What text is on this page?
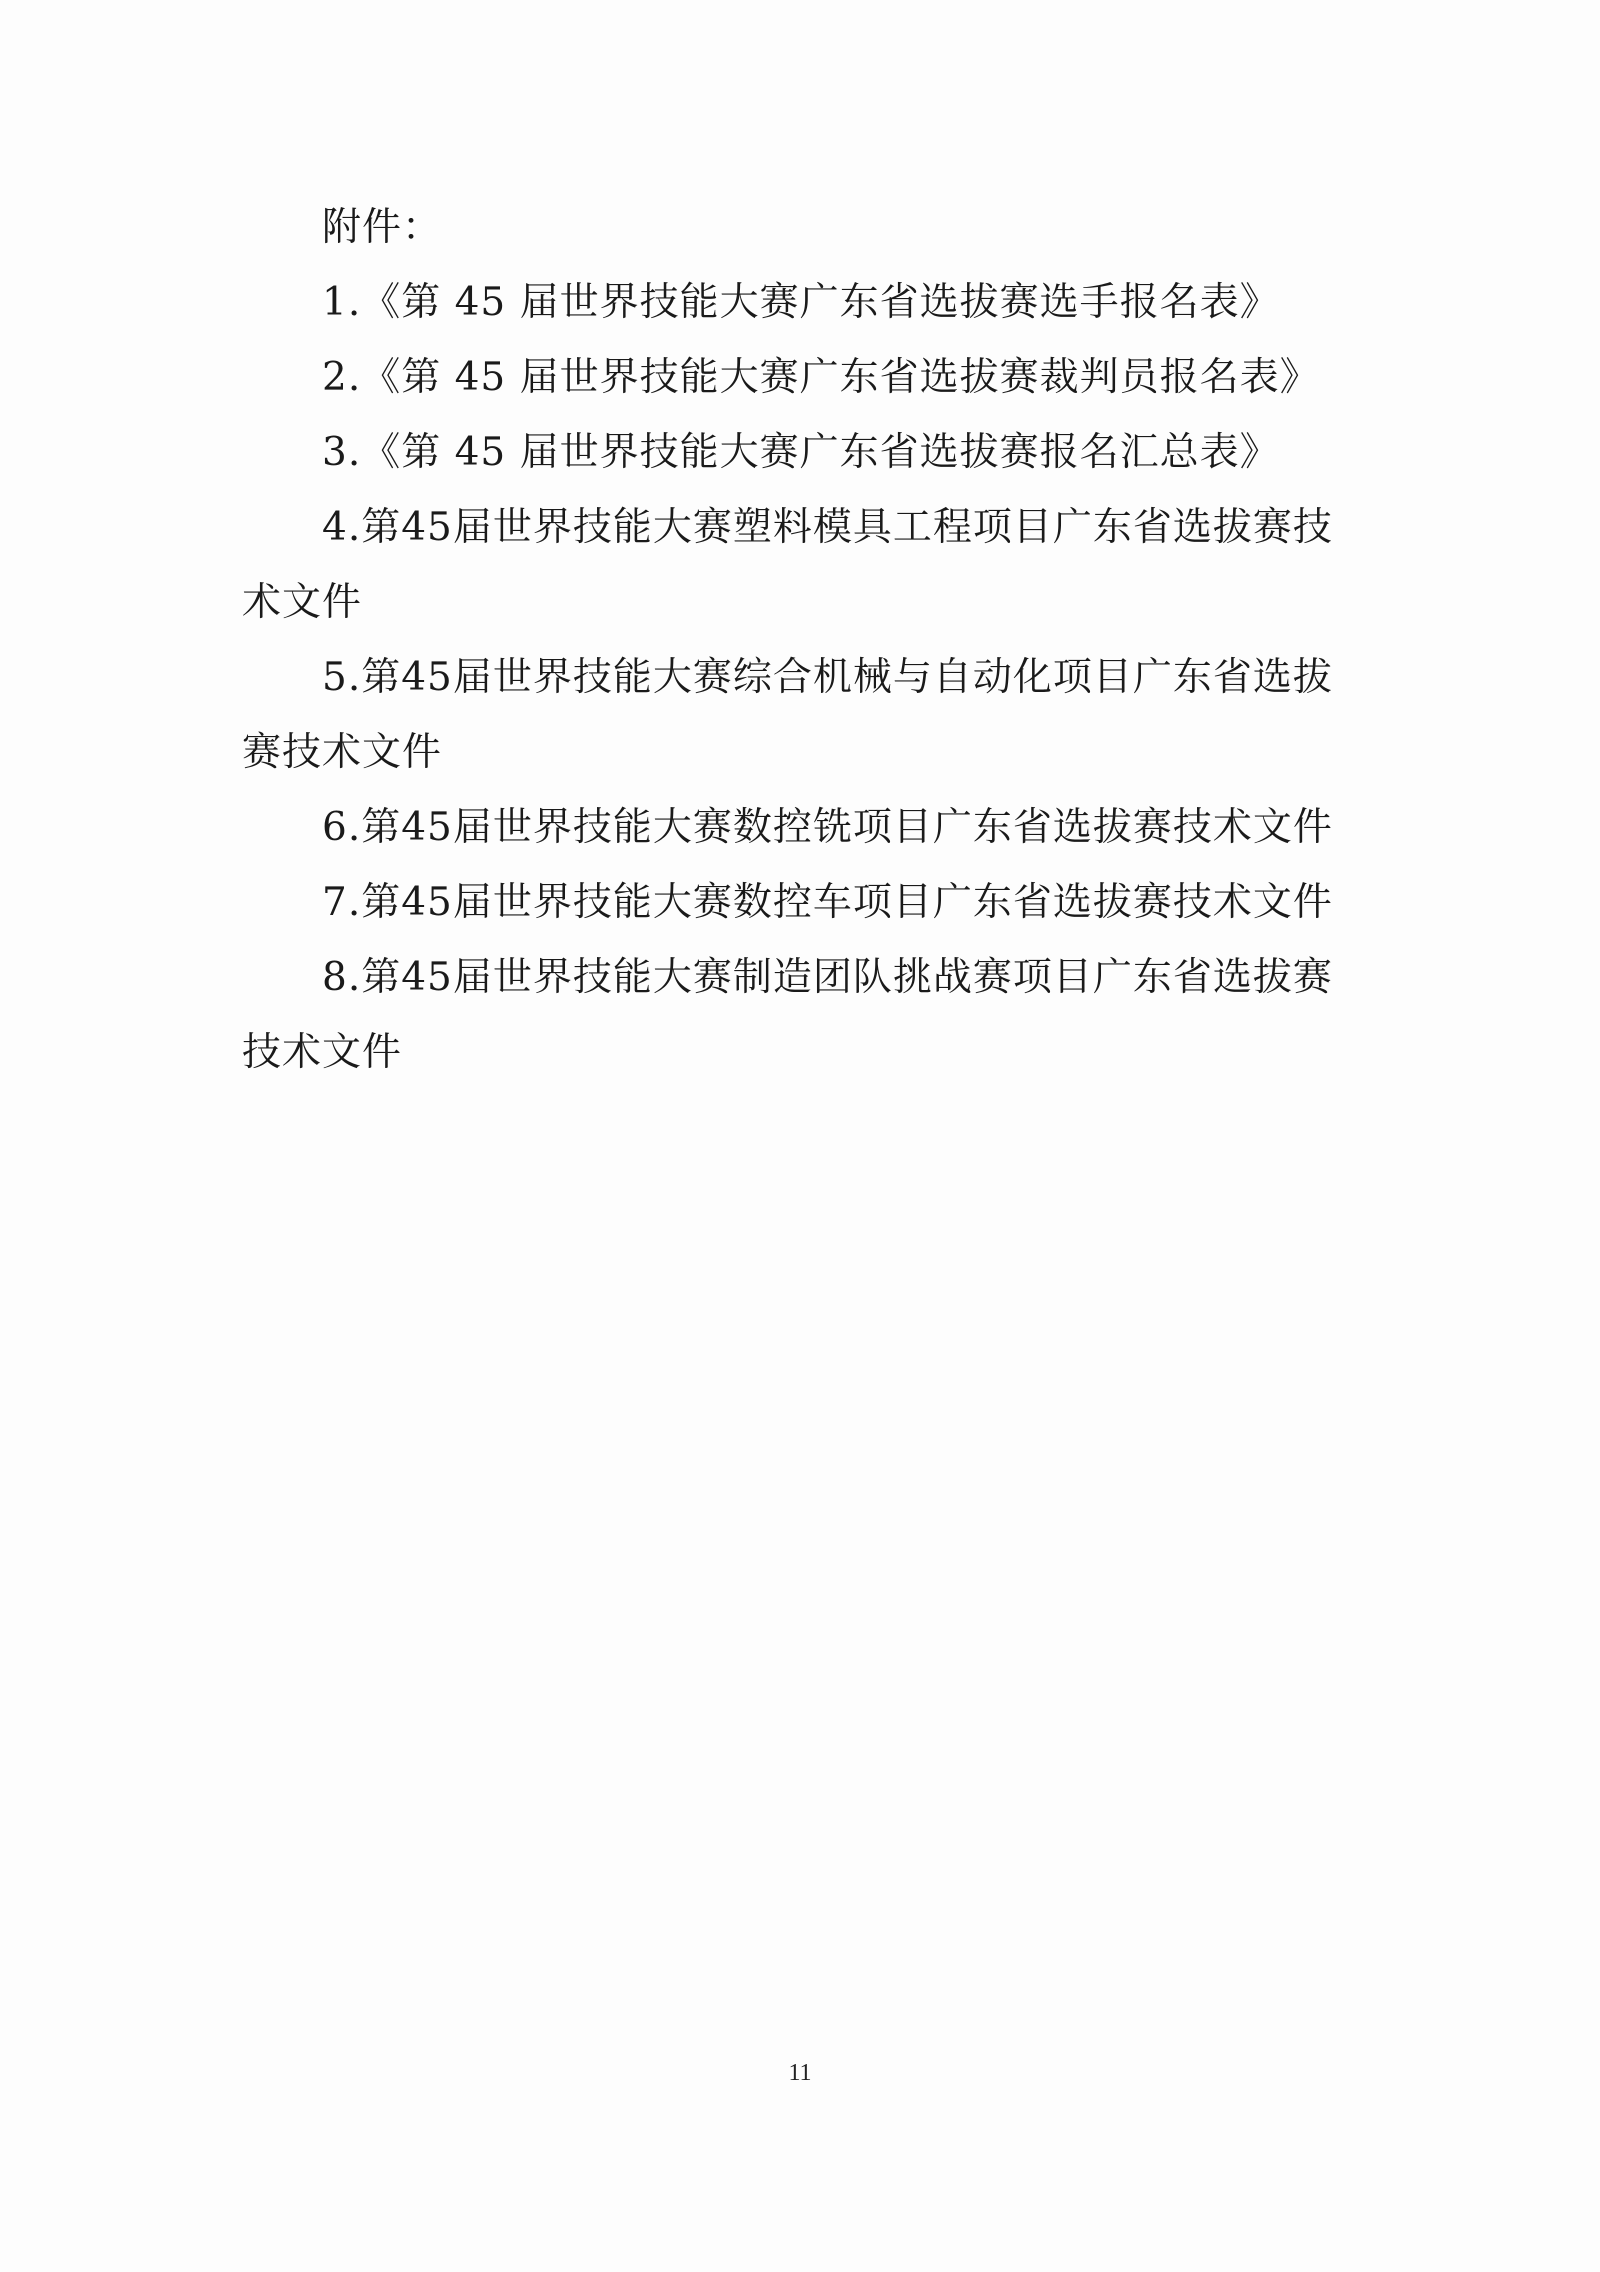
附件：

1.《第 45 届世界技能大赛广东省选拔赛选手报名表》

2.《第 45 届世界技能大赛广东省选拔赛裁判员报名表》

3.《第 45 届世界技能大赛广东省选拔赛报名汇总表》

4.第45届世界技能大赛塑料模具工程项目广东省选拔赛技术文件

5.第45届世界技能大赛综合机械与自动化项目广东省选拔赛技术文件

6.第45届世界技能大赛数控铣项目广东省选拔赛技术文件

7.第45届世界技能大赛数控车项目广东省选拔赛技术文件

8.第45届世界技能大赛制造团队挑战赛项目广东省选拔赛技术文件

11
